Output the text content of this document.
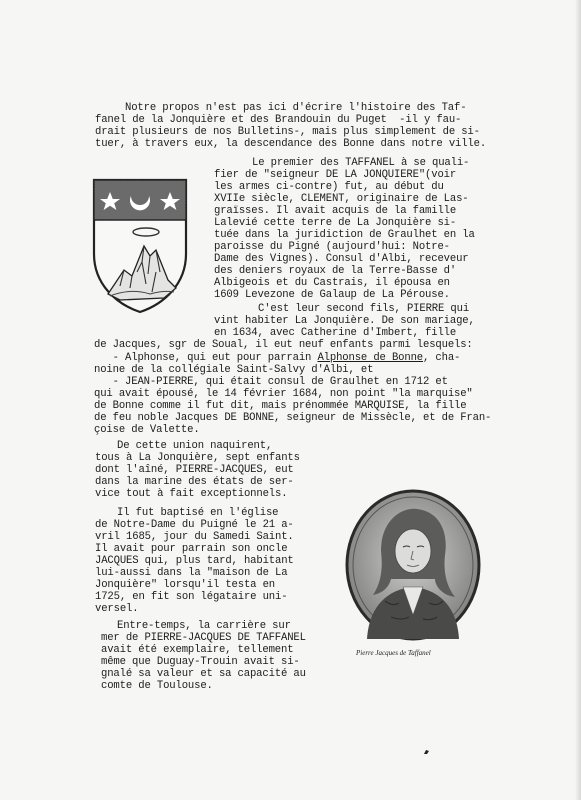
Notre propos n'est pas ici d'écrire l'histoire des Taf-
fanel de la Jonquière et des Brandouin du Puget  -il y fau-
drait plusieurs de nos Bulletins-, mais plus simplement de si-
tuer, à travers eux, la descendance des Bonne dans notre ville.
Le premier des TAFFANEL à se quali-
fier de "seigneur DE LA JONQUIERE"(voir
les armes ci-contre) fut, au début du
XVIIe siècle, CLEMENT, originaire de Las-
graïsses. Il avait acquis de la famille
Lalevié cette terre de La Jonquière si-
tuée dans la juridiction de Graulhet en la
paroisse du Pigné (aujourd'hui: Notre-
Dame des Vignes). Consul d'Albi, receveur
des deniers royaux de la Terre-Basse d'
Albigeois et du Castrais, il épousa en
1609 Levezone de Galaup de La Pérouse.
C'est leur second fils, PIERRE qui
vint habiter La Jonquière. De son mariage,
en 1634, avec Catherine d'Imbert, fille
de Jacques, sgr de Soual, il eut neuf enfants parmi lesquels:
- Alphonse, qui eut pour parrain Alphonse de Bonne, cha-
noine de la collégiale Saint-Salvy d'Albi, et
- JEAN-PIERRE, qui était consul de Graulhet en 1712 et
qui avait épousé, le 14 février 1684, non point "la marquise"
de Bonne comme il fut dit, mais prénommée MARQUISE, la fille
de feu noble Jacques DE BONNE, seigneur de Missècle, et de Fran-
çoise de Valette.
De cette union naquirent,
tous à La Jonquière, sept enfants
dont l'aîné, PIERRE-JACQUES, eut
dans la marine des états de ser-
vice tout à fait exceptionnels.
Il fut baptisé en l'église
de Notre-Dame du Puigné le 21 a-
vril 1685, jour du Samedi Saint.
Il avait pour parrain son oncle
JACQUES qui, plus tard, habitant
lui-aussi dans la "maison de La
Jonquière" lorsqu'il testa en
1725, en fit son légataire uni-
versel.
Entre-temps, la carrière sur
mer de PIERRE-JACQUES DE TAFFANEL
avait été exemplaire, tellement
même que Duguay-Trouin avait si-
gnalé sa valeur et sa capacité au
comte de Toulouse.
Pierre Jacques de Taffanel
